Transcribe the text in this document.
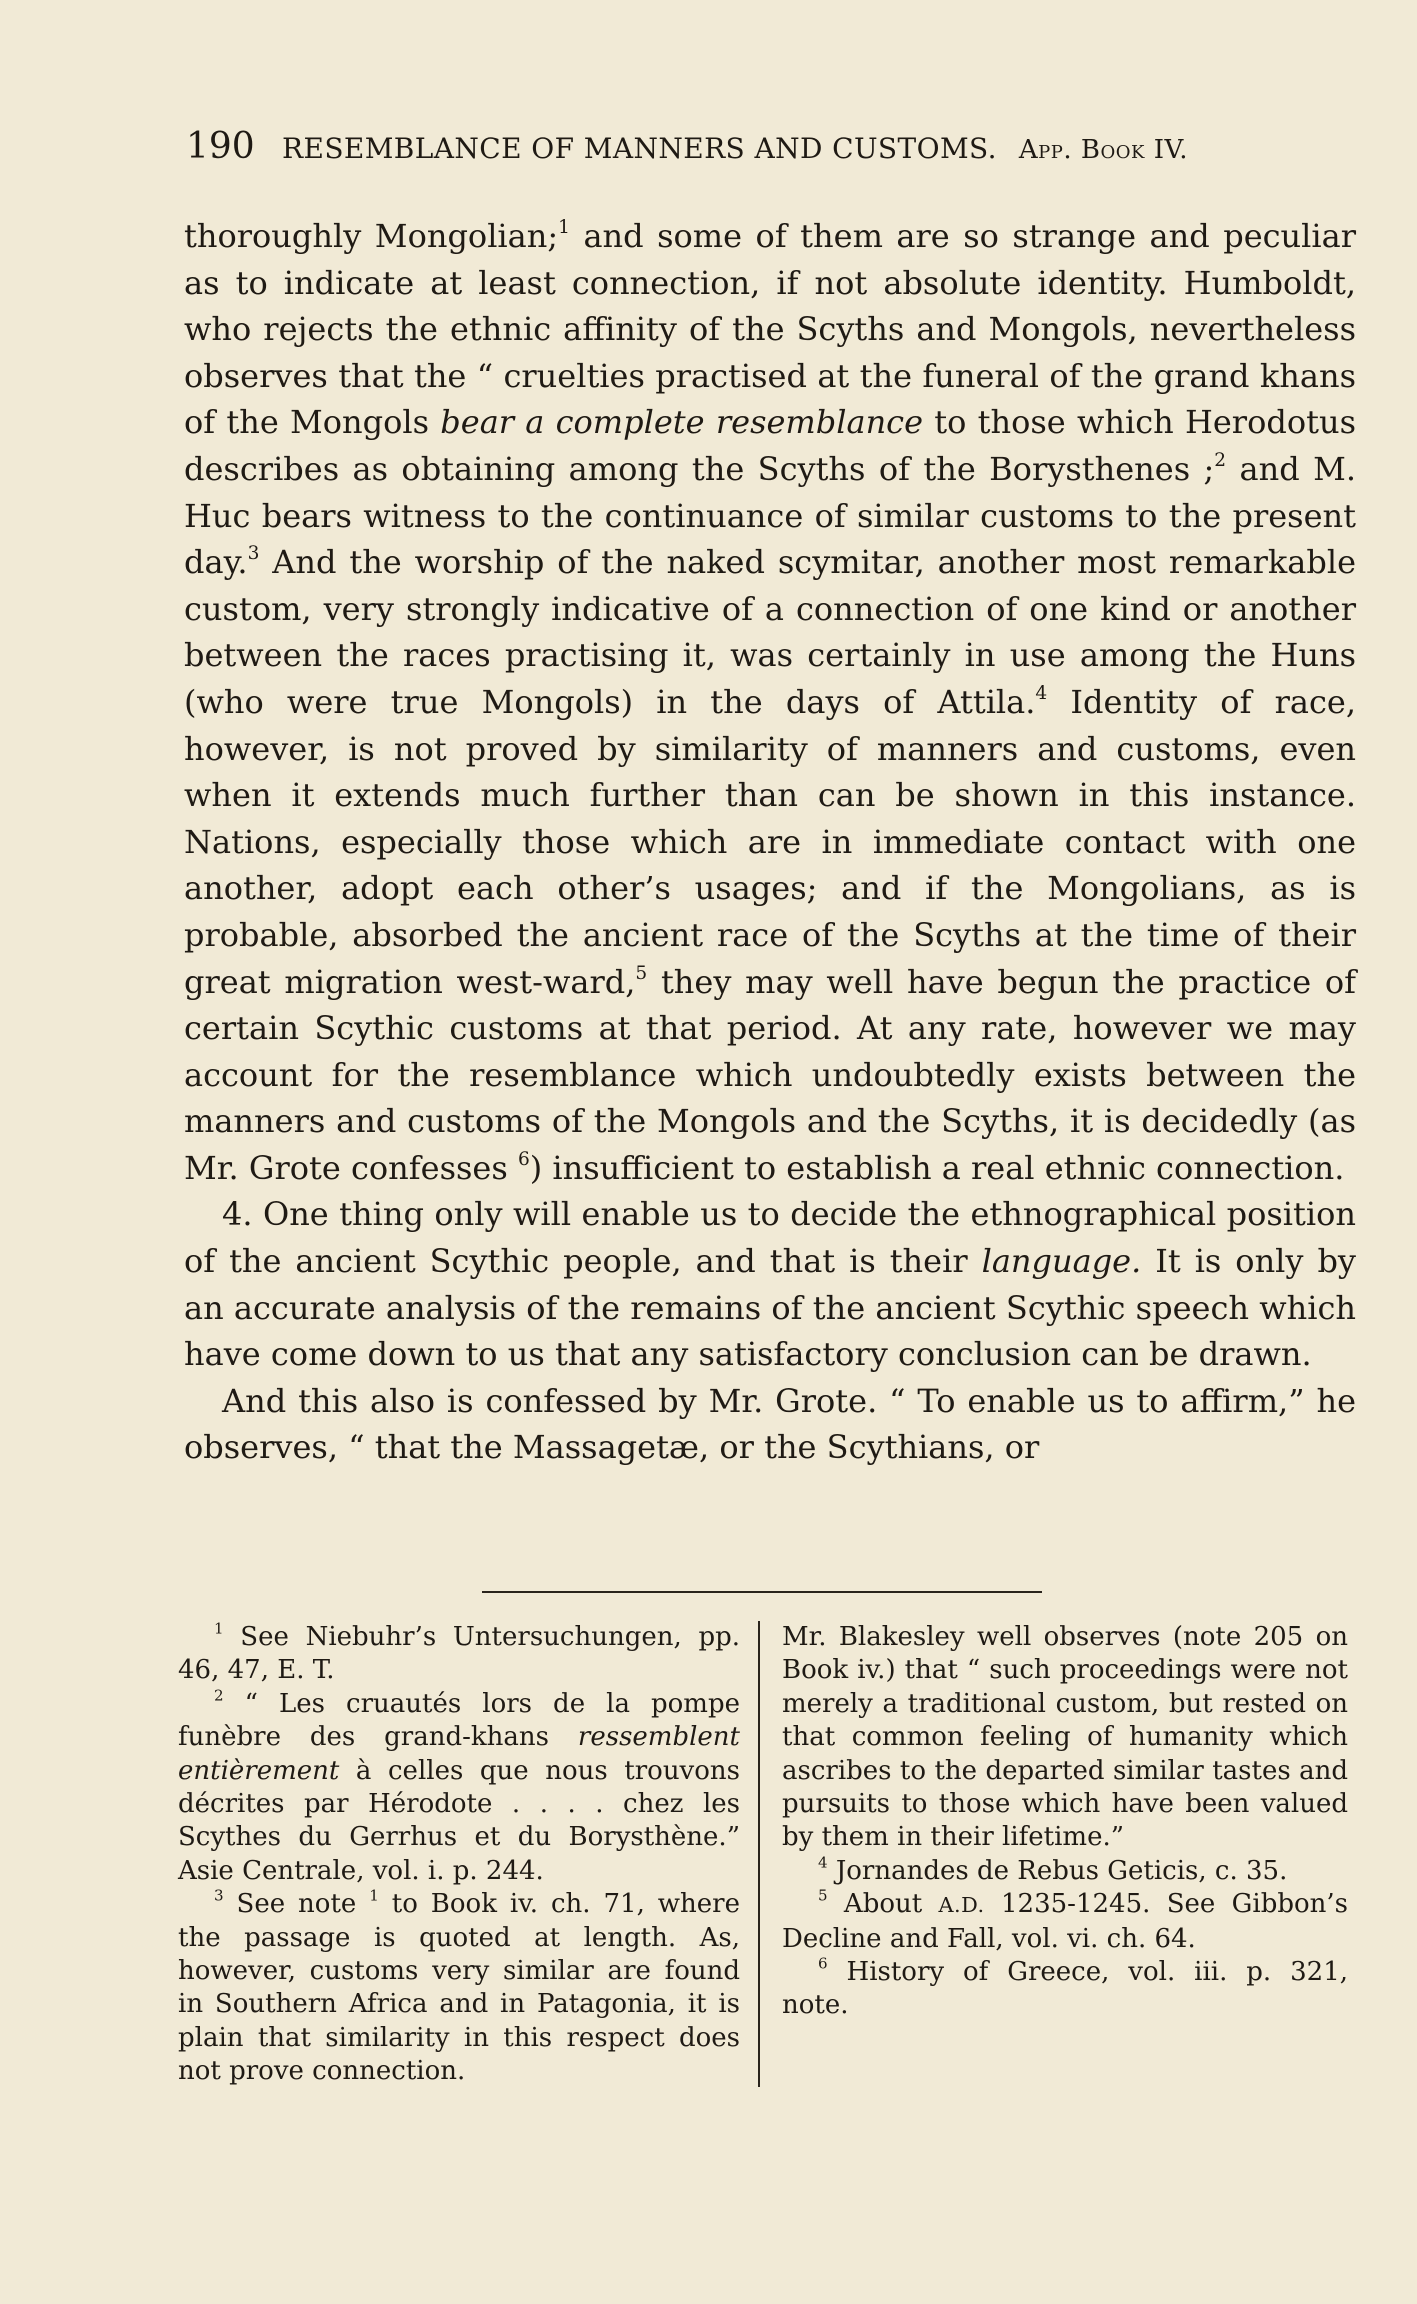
190 RESEMBLANCE OF MANNERS AND CUSTOMS. App. Book IV.

thoroughly Mongolian;$^1$ and some of them are so strange and peculiar as to indicate at least connection, if not absolute identity. Humboldt, who rejects the ethnic affinity of the Scyths and Mongols, nevertheless observes that the “ cruelties practised at the funeral of the grand khans of the Mongols bear a complete resemblance to those which Herodotus describes as obtaining among the Scyths of the Borysthenes ;$^2$ and M. Huc bears witness to the continuance of similar customs to the present day.$^3$ And the worship of the naked scymitar, another most remarkable custom, very strongly indicative of a connection of one kind or another between the races practising it, was certainly in use among the Huns (who were true Mongols) in the days of Attila.$^4$ Identity of race, however, is not proved by similarity of manners and customs, even when it extends much further than can be shown in this instance. Nations, especially those which are in immediate contact with one another, adopt each other’s usages; and if the Mongolians, as is probable, absorbed the ancient race of the Scyths at the time of their great migration west-ward,$^5$ they may well have begun the practice of certain Scythic customs at that period. At any rate, however we may account for the resemblance which undoubtedly exists between the manners and customs of the Mongols and the Scyths, it is decidedly (as Mr. Grote confesses $^6$) insufficient to establish a real ethnic connection.

4. One thing only will enable us to decide the ethnographical position of the ancient Scythic people, and that is their language. It is only by an accurate analysis of the remains of the ancient Scythic speech which have come down to us that any satisfactory conclusion can be drawn.

And this also is confessed by Mr. Grote. “ To enable us to affirm,” he observes, “ that the Massagetæ, or the Scythians, or

$^1$ See Niebuhr’s Untersuchungen, pp. 46, 47, E. T.

$^2$ “ Les cruautés lors de la pompe funèbre des grand-khans ressemblent entièrement à celles que nous trouvons décrites par Hérodote . . . . chez les Scythes du Gerrhus et du Borysthène.” Asie Centrale, vol. i. p. 244.

$^3$ See note $^1$ to Book iv. ch. 71, where the passage is quoted at length. As, however, customs very similar are found in Southern Africa and in Patagonia, it is plain that similarity in this respect does not prove connection.

Mr. Blakesley well observes (note 205 on Book iv.) that “ such proceedings were not merely a traditional custom, but rested on that common feeling of humanity which ascribes to the departed similar tastes and pursuits to those which have been valued by them in their lifetime.”

$^4$ Jornandes de Rebus Geticis, c. 35.

$^5$ About A.D. 1235-1245. See Gibbon’s Decline and Fall, vol. vi. ch. 64.

$^6$ History of Greece, vol. iii. p. 321, note.
